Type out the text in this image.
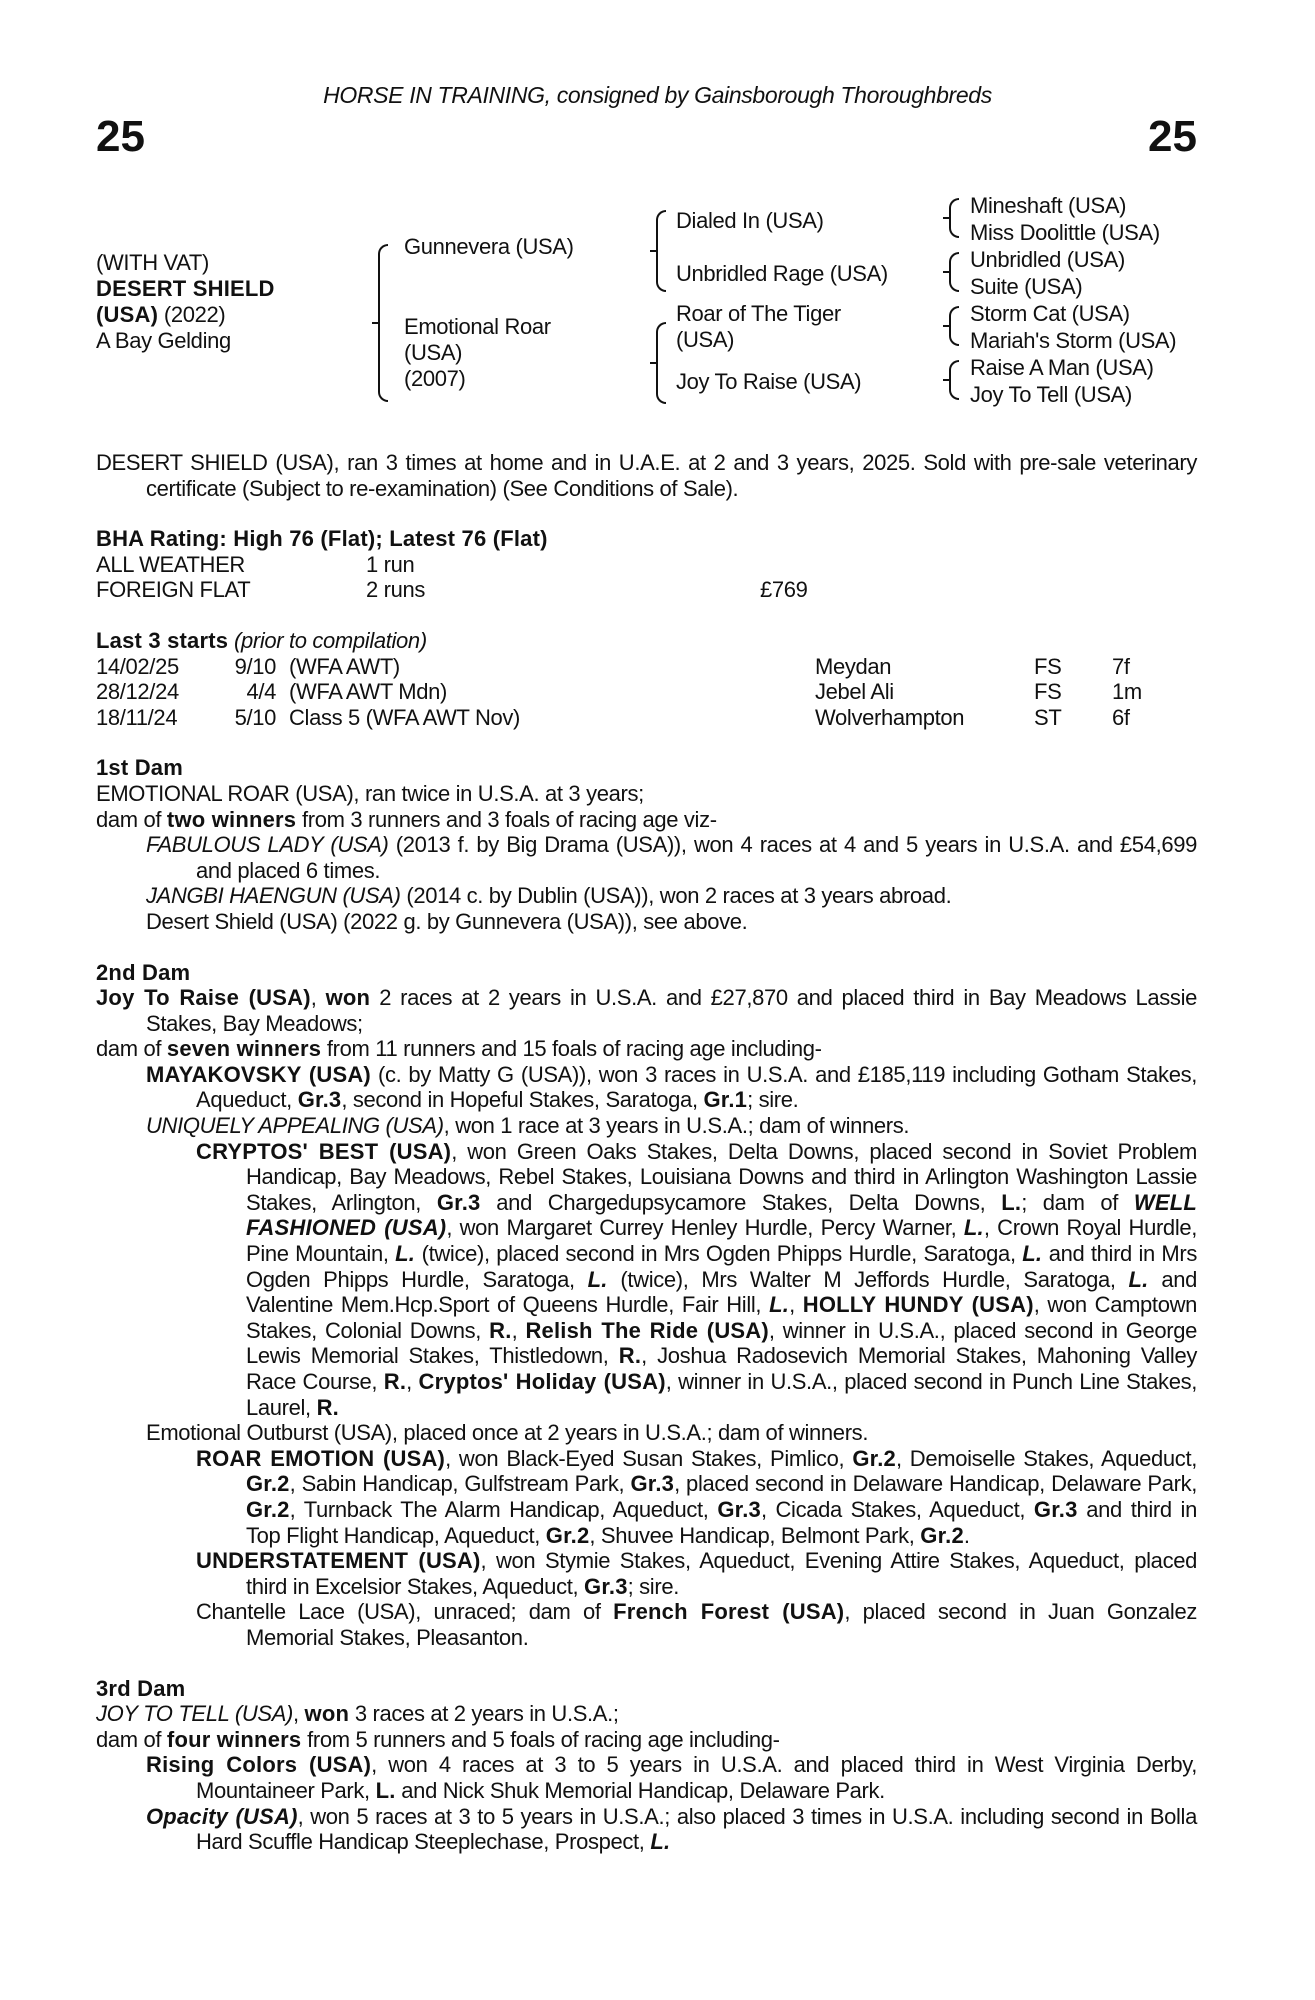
HORSE IN TRAINING, consigned by Gainsborough Thoroughbreds
25	25
(WITH VAT)
DESERT SHIELD
(USA) (2022)
A Bay Gelding
Gunnevera (USA)
Emotional Roar
(USA)
(2007)
Dialed In (USA)
Unbridled Rage (USA)
Roar of The Tiger
(USA)
Joy To Raise (USA)
Mineshaft (USA)
Miss Doolittle (USA)
Unbridled (USA)
Suite (USA)
Storm Cat (USA)
Mariah's Storm (USA)
Raise A Man (USA)
Joy To Tell (USA)
DESERT SHIELD (USA), ran 3 times at home and in U.A.E. at 2 and 3 years, 2025. Sold with pre-sale veterinary certificate (Subject to re-examination) (See Conditions of Sale).
BHA Rating: High 76 (Flat); Latest 76 (Flat)
ALL WEATHER	1 run
FOREIGN FLAT	2 runs	£769
Last 3 starts (prior to compilation)
14/02/25	9/10 (WFA AWT)	Meydan	FS 7f
28/12/24	4/4 (WFA AWT Mdn)	Jebel Ali	FS 1m
18/11/24	5/10 Class 5 (WFA AWT Nov)	Wolverhampton	ST 6f
1st Dam
EMOTIONAL ROAR (USA), ran twice in U.S.A. at 3 years;
dam of two winners from 3 runners and 3 foals of racing age viz-
FABULOUS LADY (USA) (2013 f. by Big Drama (USA)), won 4 races at 4 and 5 years in U.S.A. and £54,699 and placed 6 times.
JANGBI HAENGUN (USA) (2014 c. by Dublin (USA)), won 2 races at 3 years abroad.
Desert Shield (USA) (2022 g. by Gunnevera (USA)), see above.
2nd Dam
Joy To Raise (USA), won 2 races at 2 years in U.S.A. and £27,870 and placed third in Bay Meadows Lassie Stakes, Bay Meadows;
dam of seven winners from 11 runners and 15 foals of racing age including-
MAYAKOVSKY (USA) (c. by Matty G (USA)), won 3 races in U.S.A. and £185,119 including Gotham Stakes, Aqueduct, Gr.3, second in Hopeful Stakes, Saratoga, Gr.1; sire.
UNIQUELY APPEALING (USA), won 1 race at 3 years in U.S.A.; dam of winners.
CRYPTOS' BEST (USA), won Green Oaks Stakes, Delta Downs, placed second in Soviet Problem Handicap, Bay Meadows, Rebel Stakes, Louisiana Downs and third in Arlington Washington Lassie Stakes, Arlington, Gr.3 and Chargedupsycamore Stakes, Delta Downs, L.; dam of WELL FASHIONED (USA), won Margaret Currey Henley Hurdle, Percy Warner, L., Crown Royal Hurdle, Pine Mountain, L. (twice), placed second in Mrs Ogden Phipps Hurdle, Saratoga, L. and third in Mrs Ogden Phipps Hurdle, Saratoga, L. (twice), Mrs Walter M Jeffords Hurdle, Saratoga, L. and Valentine Mem.Hcp.Sport of Queens Hurdle, Fair Hill, L., HOLLY HUNDY (USA), won Camptown Stakes, Colonial Downs, R., Relish The Ride (USA), winner in U.S.A., placed second in George Lewis Memorial Stakes, Thistledown, R., Joshua Radosevich Memorial Stakes, Mahoning Valley Race Course, R., Cryptos' Holiday (USA), winner in U.S.A., placed second in Punch Line Stakes, Laurel, R.
Emotional Outburst (USA), placed once at 2 years in U.S.A.; dam of winners.
ROAR EMOTION (USA), won Black-Eyed Susan Stakes, Pimlico, Gr.2, Demoiselle Stakes, Aqueduct, Gr.2, Sabin Handicap, Gulfstream Park, Gr.3, placed second in Delaware Handicap, Delaware Park, Gr.2, Turnback The Alarm Handicap, Aqueduct, Gr.3, Cicada Stakes, Aqueduct, Gr.3 and third in Top Flight Handicap, Aqueduct, Gr.2, Shuvee Handicap, Belmont Park, Gr.2.
UNDERSTATEMENT (USA), won Stymie Stakes, Aqueduct, Evening Attire Stakes, Aqueduct, placed third in Excelsior Stakes, Aqueduct, Gr.3; sire.
Chantelle Lace (USA), unraced; dam of French Forest (USA), placed second in Juan Gonzalez Memorial Stakes, Pleasanton.
3rd Dam
JOY TO TELL (USA), won 3 races at 2 years in U.S.A.;
dam of four winners from 5 runners and 5 foals of racing age including-
Rising Colors (USA), won 4 races at 3 to 5 years in U.S.A. and placed third in West Virginia Derby, Mountaineer Park, L. and Nick Shuk Memorial Handicap, Delaware Park.
Opacity (USA), won 5 races at 3 to 5 years in U.S.A.; also placed 3 times in U.S.A. including second in Bolla Hard Scuffle Handicap Steeplechase, Prospect, L.
